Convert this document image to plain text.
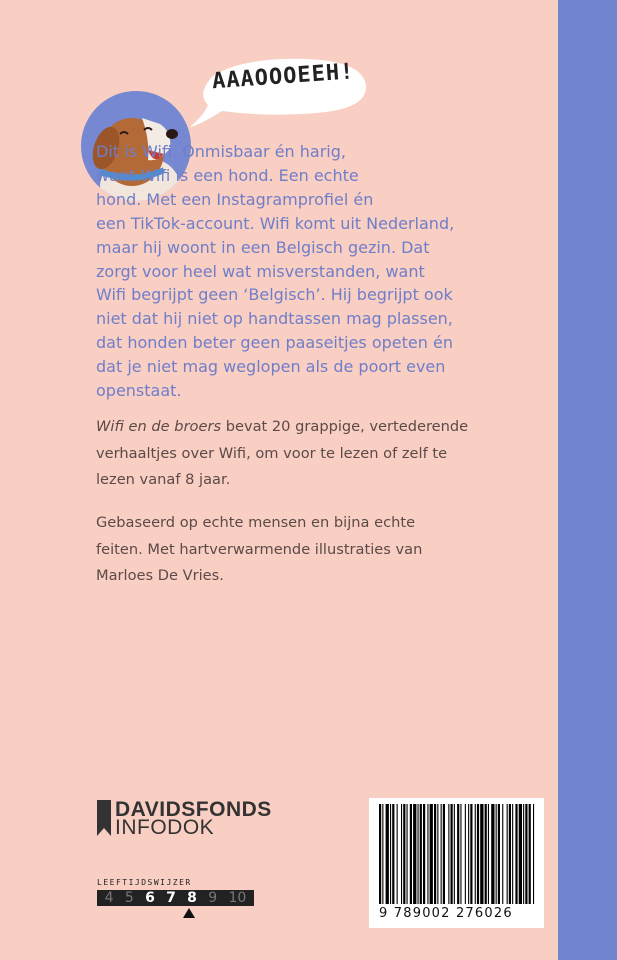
AAAOOOEEH!
Dit is Wifi. Onmisbaar én harig,
want Wifi is een hond. Een echte
hond. Met een Instagramprofiel én
een TikTok-account. Wifi komt uit Nederland,
maar hij woont in een Belgisch gezin. Dat
zorgt voor heel wat misverstanden, want
Wifi begrijpt geen ‘Belgisch’. Hij begrijpt ook
niet dat hij niet op handtassen mag plassen,
dat honden beter geen paaseitjes opeten én
dat je niet mag weglopen als de poort even
openstaat.
Wifi en de broers bevat 20 grappige, vertederende
verhaaltjes over Wifi, om voor te lezen of zelf te
lezen vanaf 8 jaar.
Gebaseerd op echte mensen en bijna echte
feiten. Met hartverwarmende illustraties van
Marloes De Vries.
DAVIDSFONDS
INFODOK
LEEFTIJDSWIJZER
4 5 6 7 8 9 10
9 789002 276026
